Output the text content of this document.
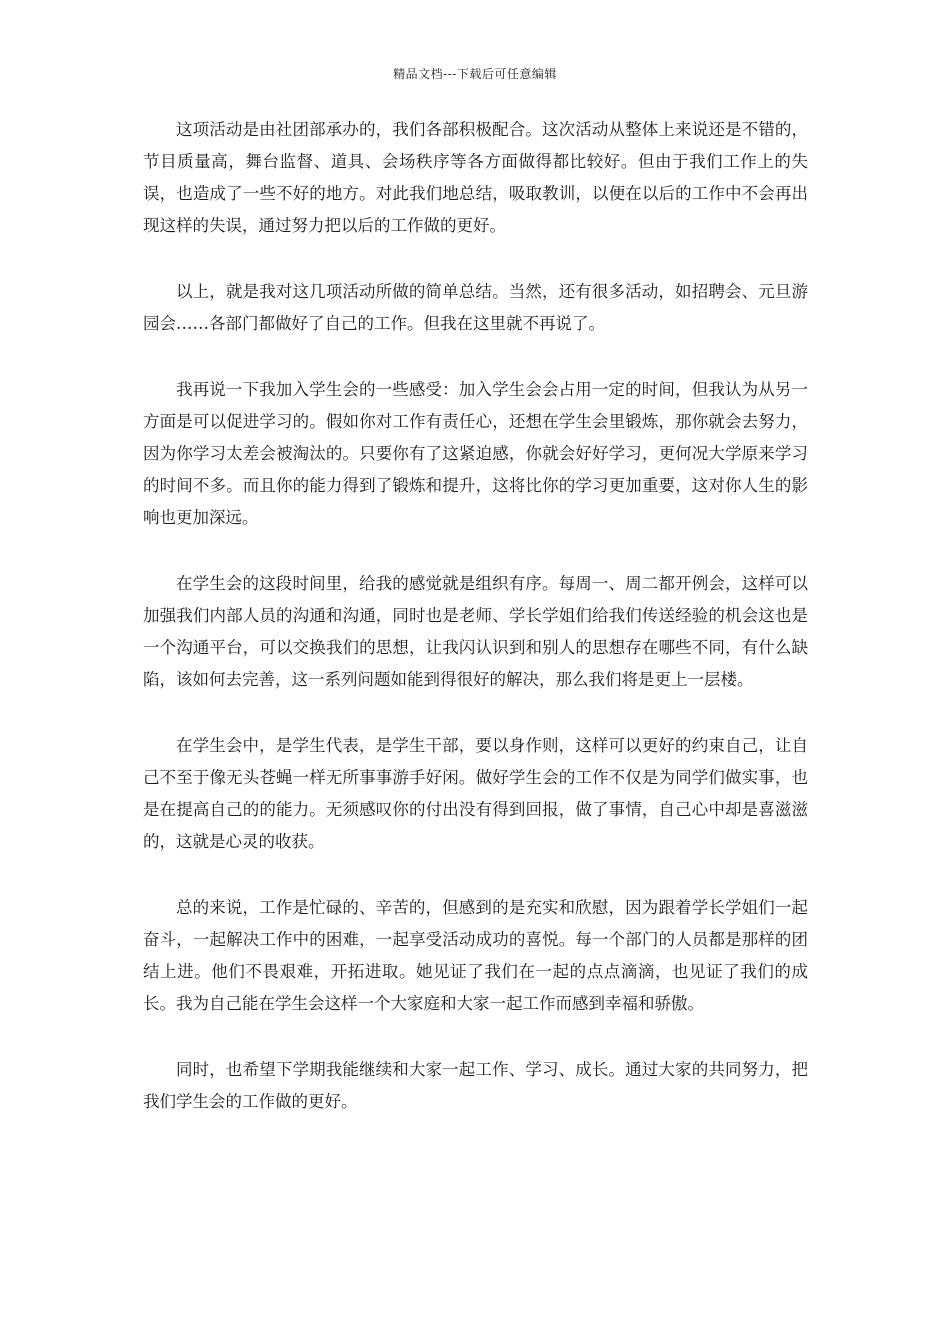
精品文档---下载后可任意编辑

这项活动是由社团部承办的，我们各部积极配合。这次活动从整体上来说还是不错的，节目质量高，舞台监督、道具、会场秩序等各方面做得都比较好。但由于我们工作上的失误，也造成了一些不好的地方。对此我们地总结，吸取教训，以便在以后的工作中不会再出现这样的失误，通过努力把以后的工作做的更好。

以上，就是我对这几项活动所做的简单总结。当然，还有很多活动，如招聘会、元旦游园会……各部门都做好了自己的工作。但我在这里就不再说了。

我再说一下我加入学生会的一些感受：加入学生会会占用一定的时间，但我认为从另一方面是可以促进学习的。假如你对工作有责任心，还想在学生会里锻炼，那你就会去努力，因为你学习太差会被淘汰的。只要你有了这紧迫感，你就会好好学习，更何况大学原来学习的时间不多。而且你的能力得到了锻炼和提升，这将比你的学习更加重要，这对你人生的影响也更加深远。

在学生会的这段时间里，给我的感觉就是组织有序。每周一、周二都开例会，这样可以加强我们内部人员的沟通和沟通，同时也是老师、学长学姐们给我们传送经验的机会这也是一个沟通平台，可以交换我们的思想，让我闪认识到和别人的思想存在哪些不同，有什么缺陷，该如何去完善，这一系列问题如能到得很好的解决，那么我们将是更上一层楼。

在学生会中，是学生代表，是学生干部，要以身作则，这样可以更好的约束自己，让自己不至于像无头苍蝇一样无所事事游手好闲。做好学生会的工作不仅是为同学们做实事，也是在提高自己的的能力。无须感叹你的付出没有得到回报，做了事情，自己心中却是喜滋滋的，这就是心灵的收获。

总的来说，工作是忙碌的、辛苦的，但感到的是充实和欣慰，因为跟着学长学姐们一起奋斗，一起解决工作中的困难，一起享受活动成功的喜悦。每一个部门的人员都是那样的团结上进。他们不畏艰难，开拓进取。她见证了我们在一起的点点滴滴，也见证了我们的成长。我为自己能在学生会这样一个大家庭和大家一起工作而感到幸福和骄傲。

同时，也希望下学期我能继续和大家一起工作、学习、成长。通过大家的共同努力，把我们学生会的工作做的更好。
